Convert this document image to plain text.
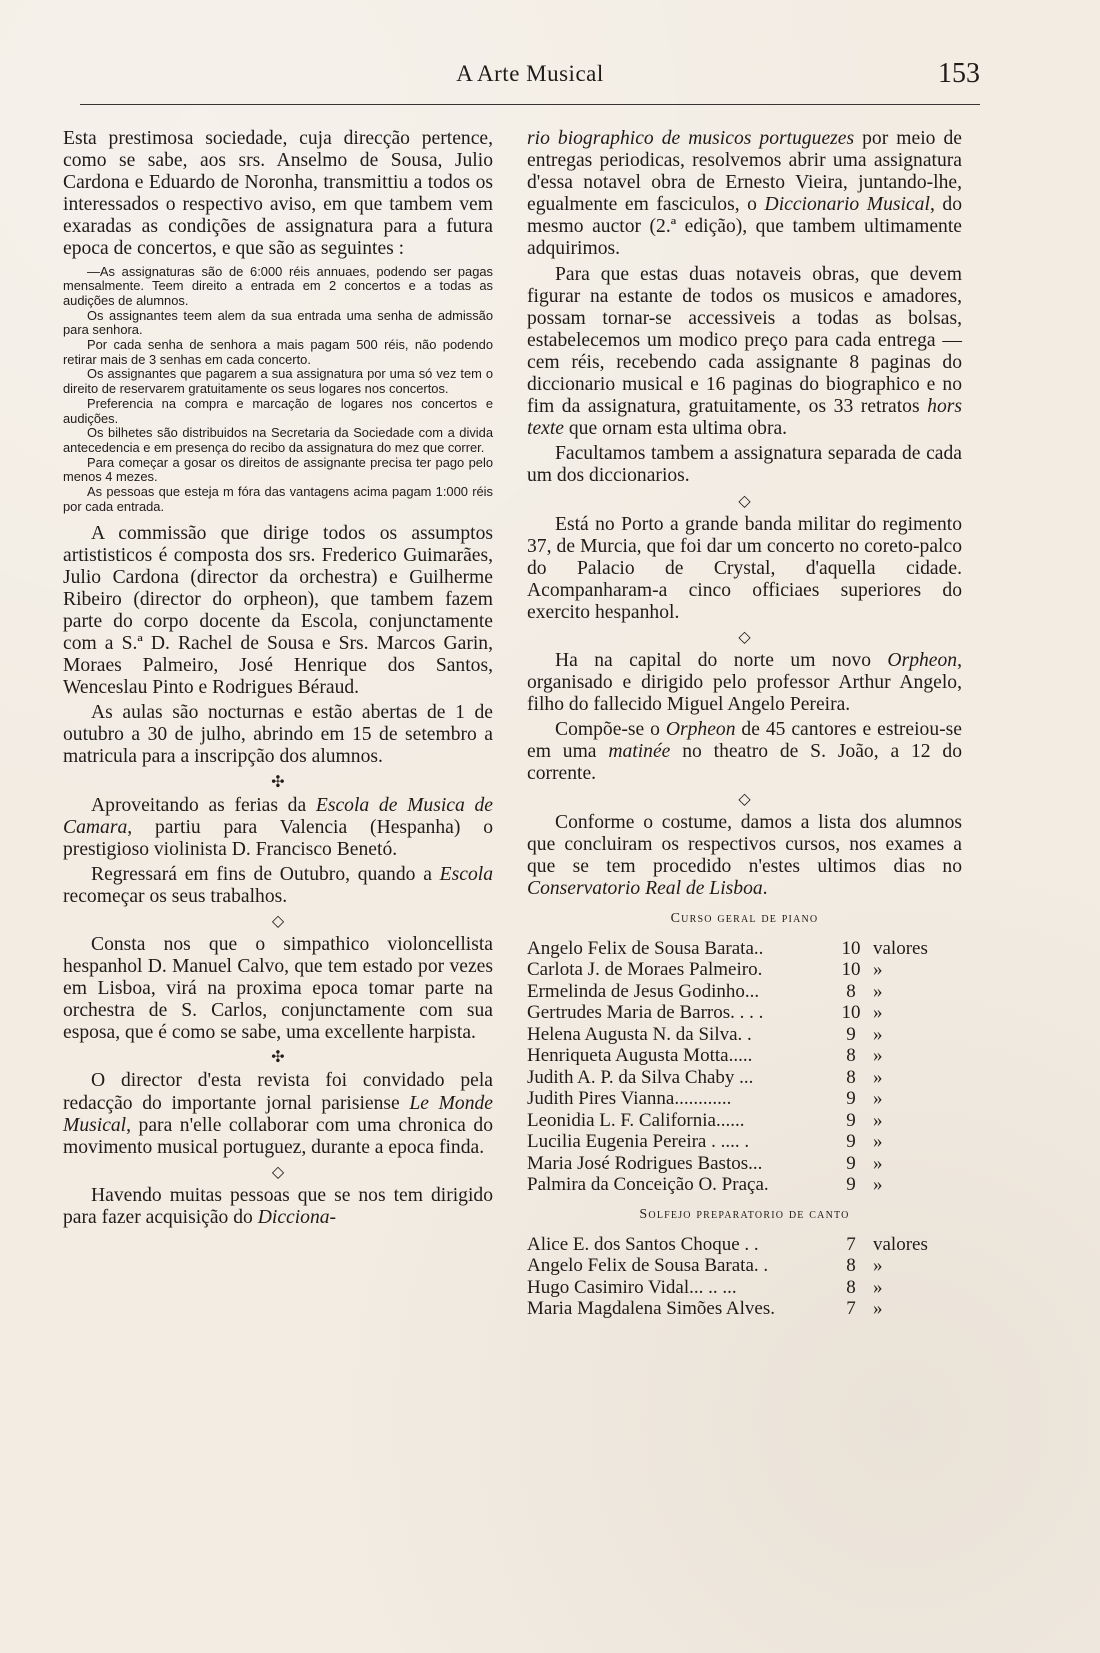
A Arte Musical	153

Esta prestimosa sociedade, cuja direcção pertence, como se sabe, aos srs. Anselmo de Sousa, Julio Cardona e Eduardo de Noronha, transmittiu a todos os interessados o respectivo aviso, em que tambem vem exaradas as condições de assignatura para a futura epoca de concertos, e que são as seguintes :

—As assignaturas são de 6:000 réis annuaes, podendo ser pagas mensalmente. Teem direito a entrada em 2 concertos e a todas as audições de alumnos.

Os assignantes teem alem da sua entrada uma senha de admissão para senhora.

Por cada senha de senhora a mais pagam 500 réis, não podendo retirar mais de 3 senhas em cada concerto.

Os assignantes que pagarem a sua assignatura por uma só vez tem o direito de reservarem gratuitamente os seus logares nos concertos.

Preferencia na compra e marcação de logares nos concertos e audições.

Os bilhetes são distribuidos na Secretaria da Sociedade com a divida antecedencia e em presença do recibo da assignatura do mez que correr.

Para começar a gosar os direitos de assignante precisa ter pago pelo menos 4 mezes.

As pessoas que esteja m fóra das vantagens acima pagam 1:000 réis por cada entrada.

A commissão que dirige todos os assumptos artististicos é composta dos srs. Frederico Guimarães, Julio Cardona (director da orchestra) e Guilherme Ribeiro (director do orpheon), que tambem fazem parte do corpo docente da Escola, conjunctamente com a S.ª D. Rachel de Sousa e Srs. Marcos Garin, Moraes Palmeiro, José Henrique dos Santos, Wenceslau Pinto e Rodrigues Béraud.

As aulas são nocturnas e estão abertas de 1 de outubro a 30 de julho, abrindo em 15 de setembro a matricula para a inscripção dos alumnos.

✣

Aproveitando as ferias da Escola de Musica de Camara, partiu para Valencia (Hespanha) o prestigioso violinista D. Francisco Benetó.

Regressará em fins de Outubro, quando a Escola recomeçar os seus trabalhos.

◇

Consta nos que o simpathico violoncellista hespanhol D. Manuel Calvo, que tem estado por vezes em Lisboa, virá na proxima epoca tomar parte na orchestra de S. Carlos, conjunctamente com sua esposa, que é como se sabe, uma excellente harpista.

✣

O director d'esta revista foi convidado pela redacção do importante jornal parisiense Le Monde Musical, para n'elle collaborar com uma chronica do movimento musical portuguez, durante a epoca finda.

◇

Havendo muitas pessoas que se nos tem dirigido para fazer acquisição do Dicciona-

rio biographico de musicos portuguezes por meio de entregas periodicas, resolvemos abrir uma assignatura d'essa notavel obra de Ernesto Vieira, juntando-lhe, egualmente em fasciculos, o Diccionario Musical, do mesmo auctor (2.ª edição), que tambem ultimamente adquirimos.

Para que estas duas notaveis obras, que devem figurar na estante de todos os musicos e amadores, possam tornar-se accessiveis a todas as bolsas, estabelecemos um modico preço para cada entrega — cem réis, recebendo cada assignante 8 paginas do diccionario musical e 16 paginas do biographico e no fim da assignatura, gratuitamente, os 33 retratos hors texte que ornam esta ultima obra.

Facultamos tambem a assignatura separada de cada um dos diccionarios.

◇

Está no Porto a grande banda militar do regimento 37, de Murcia, que foi dar um concerto no coreto-palco do Palacio de Crystal, d'aquella cidade. Acompanharam-a cinco officiaes superiores do exercito hespanhol.

◇

Ha na capital do norte um novo Orpheon, organisado e dirigido pelo professor Arthur Angelo, filho do fallecido Miguel Angelo Pereira.

Compõe-se o Orpheon de 45 cantores e estreiou-se em uma matinée no theatro de S. João, a 12 do corrente.

◇

Conforme o costume, damos a lista dos alumnos que concluiram os respectivos cursos, nos exames a que se tem procedido n'estes ultimos dias no Conservatorio Real de Lisboa.

Curso geral de piano
Angelo Felix de Sousa Barata..	10 valores
Carlota J. de Moraes Palmeiro.	10 »
Ermelinda de Jesus Godinho...	8 »
Gertrudes Maria de Barros. . . .	10 »
Helena Augusta N. da Silva. .	9 »
Henriqueta Augusta Motta.....	8 »
Judith A. P. da Silva Chaby ...	8 »
Judith Pires Vianna............	9 »
Leonidia L. F. California......	9 »
Lucilia Eugenia Pereira . .... .	9 »
Maria José Rodrigues Bastos...	9 »
Palmira da Conceição O. Praça.	9 »
Solfejo preparatorio de canto
Alice E. dos Santos Choque . .	7 valores
Angelo Felix de Sousa Barata. .	8 »
Hugo Casimiro Vidal... .. ...	8 »
Maria Magdalena Simões Alves.	7 »
